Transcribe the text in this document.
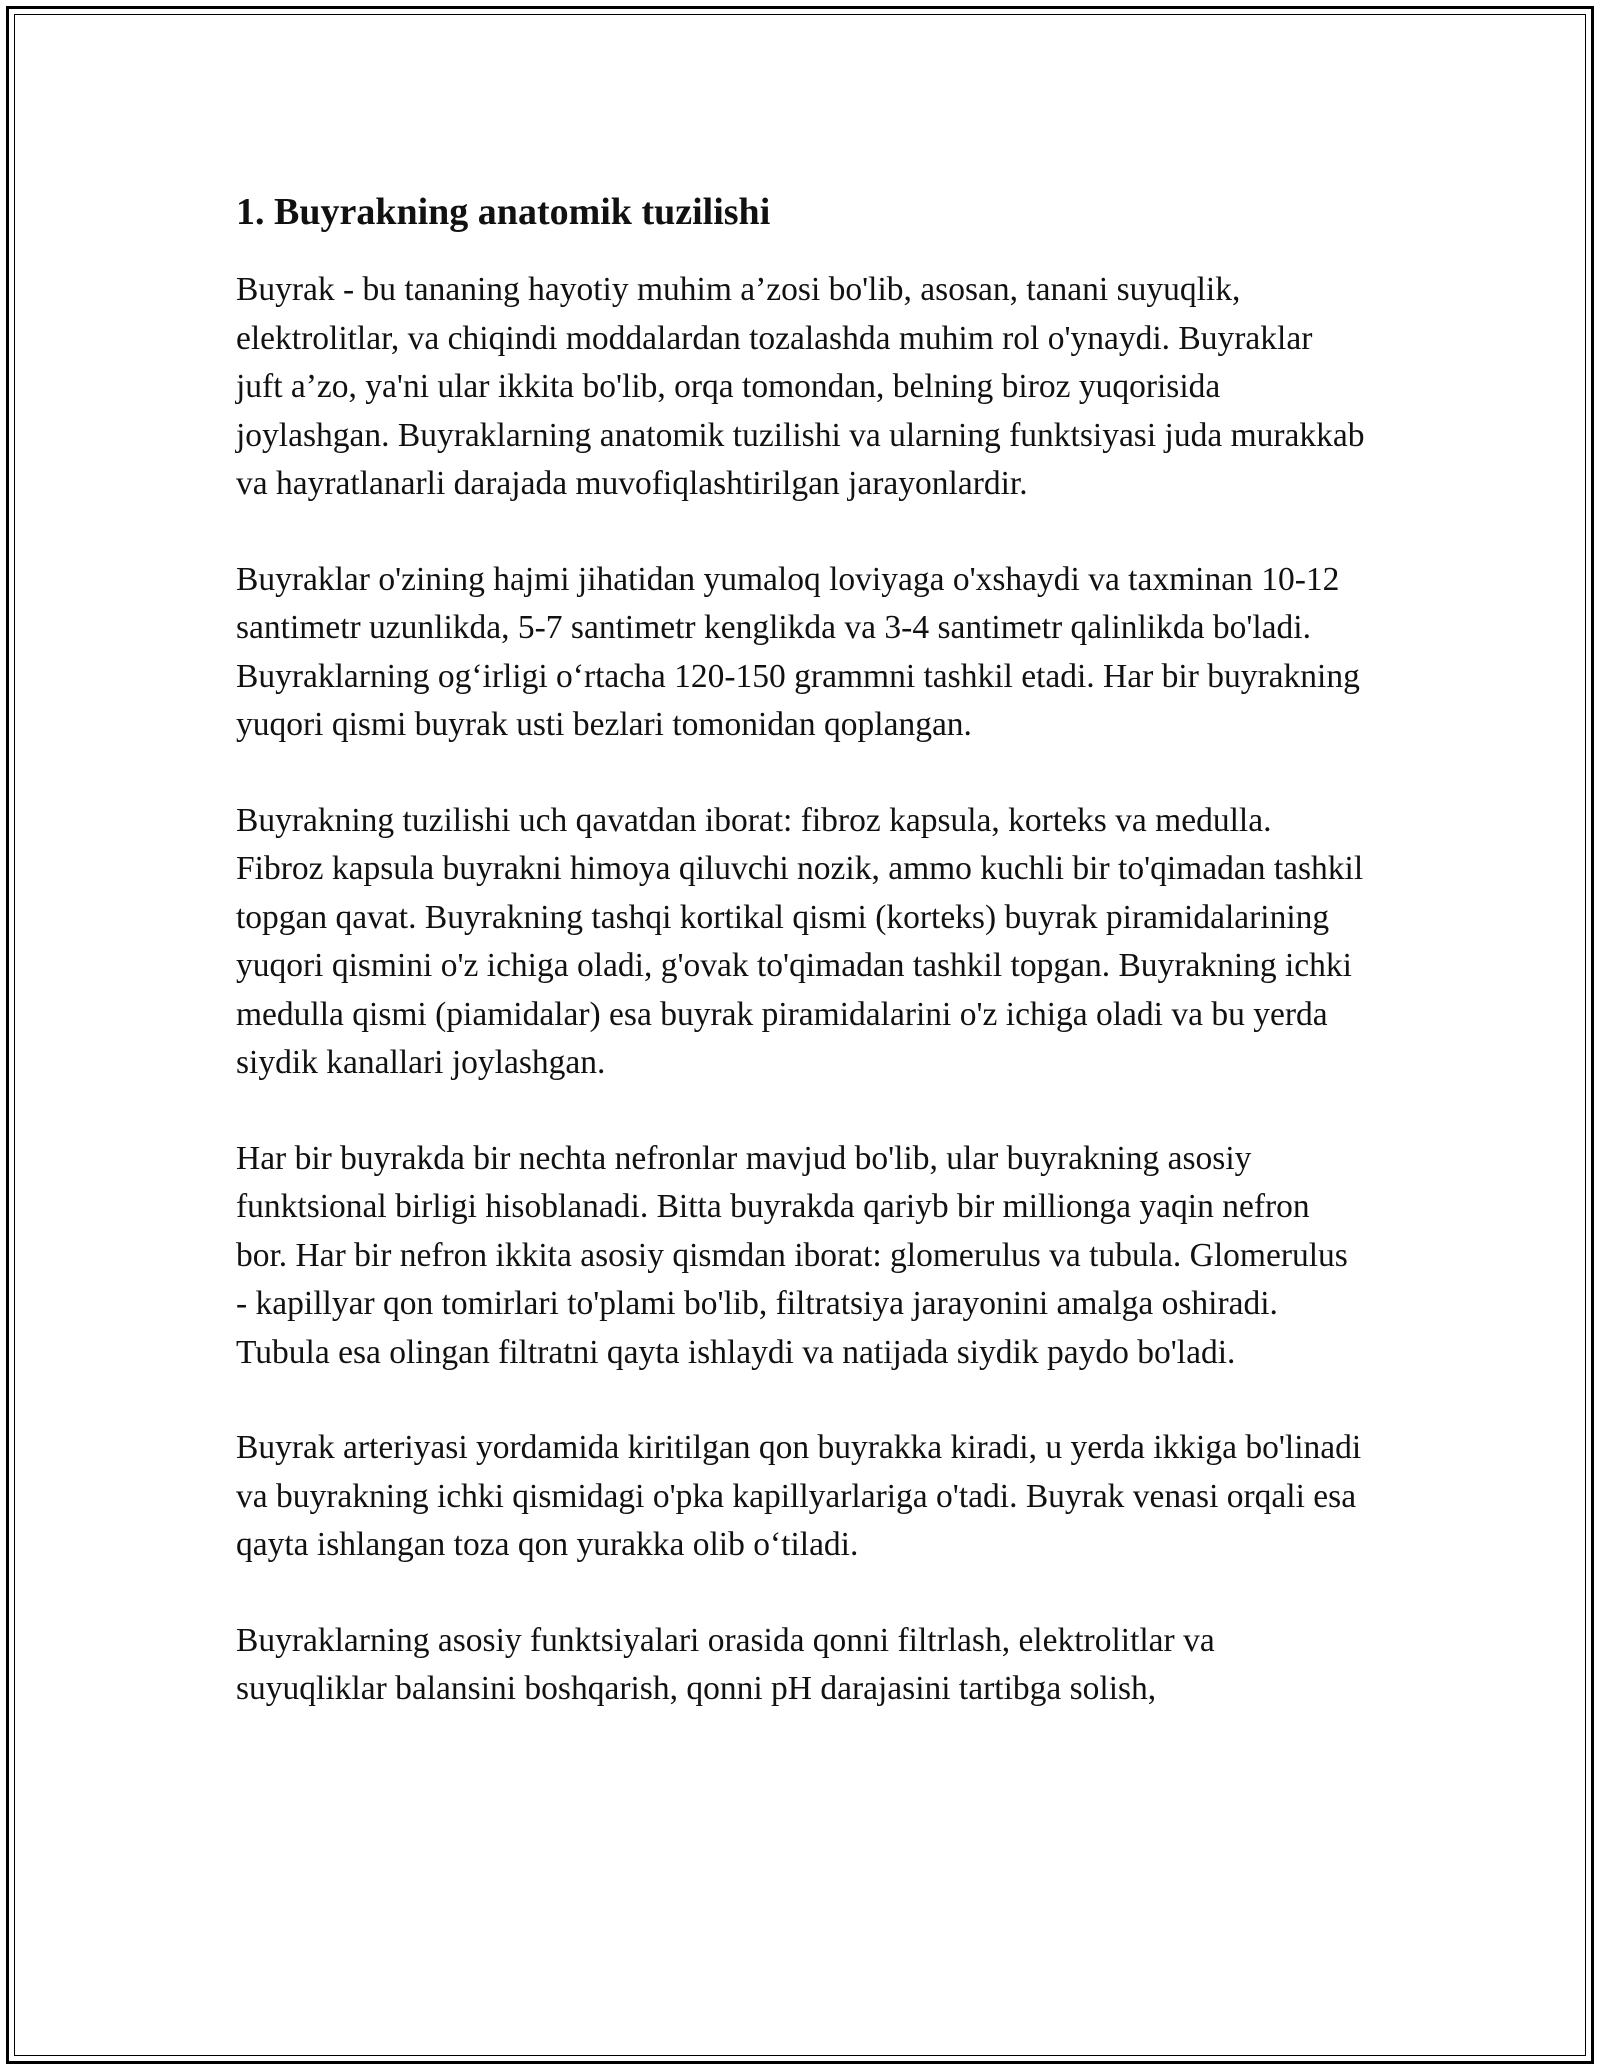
1. Buyrakning anatomik tuzilishi

Buyrak - bu tananing hayotiy muhim a’zosi bo'lib, asosan, tanani suyuqlik, elektrolitlar, va chiqindi moddalardan tozalashda muhim rol o'ynaydi. Buyraklar juft a’zo, ya'ni ular ikkita bo'lib, orqa tomondan, belning biroz yuqorisida joylashgan. Buyraklarning anatomik tuzilishi va ularning funktsiyasi juda murakkab va hayratlanarli darajada muvofiqlashtirilgan jarayonlardir.

Buyraklar o'zining hajmi jihatidan yumaloq loviyaga o'xshaydi va taxminan 10-12 santimetr uzunlikda, 5-7 santimetr kenglikda va 3-4 santimetr qalinlikda bo'ladi. Buyraklarning og‘irligi o‘rtacha 120-150 grammni tashkil etadi. Har bir buyrakning yuqori qismi buyrak usti bezlari tomonidan qoplangan.

Buyrakning tuzilishi uch qavatdan iborat: fibroz kapsula, korteks va medulla. Fibroz kapsula buyrakni himoya qiluvchi nozik, ammo kuchli bir to'qimadan tashkil topgan qavat. Buyrakning tashqi kortikal qismi (korteks) buyrak piramidalarining yuqori qismini o'z ichiga oladi, g'ovak to'qimadan tashkil topgan. Buyrakning ichki medulla qismi (piamidalar) esa buyrak piramidalarini o'z ichiga oladi va bu yerda siydik kanallari joylashgan.

Har bir buyrakda bir nechta nefronlar mavjud bo'lib, ular buyrakning asosiy funktsional birligi hisoblanadi. Bitta buyrakda qariyb bir millionga yaqin nefron bor. Har bir nefron ikkita asosiy qismdan iborat: glomerulus va tubula. Glomerulus - kapillyar qon tomirlari to'plami bo'lib, filtratsiya jarayonini amalga oshiradi. Tubula esa olingan filtratni qayta ishlaydi va natijada siydik paydo bo'ladi.

Buyrak arteriyasi yordamida kiritilgan qon buyrakka kiradi, u yerda ikkiga bo'linadi va buyrakning ichki qismidagi o'pka kapillyarlariga o'tadi. Buyrak venasi orqali esa qayta ishlangan toza qon yurakka olib o‘tiladi.

Buyraklarning asosiy funktsiyalari orasida qonni filtrlash, elektrolitlar va suyuqliklar balansini boshqarish, qonni pH darajasini tartibga solish,
